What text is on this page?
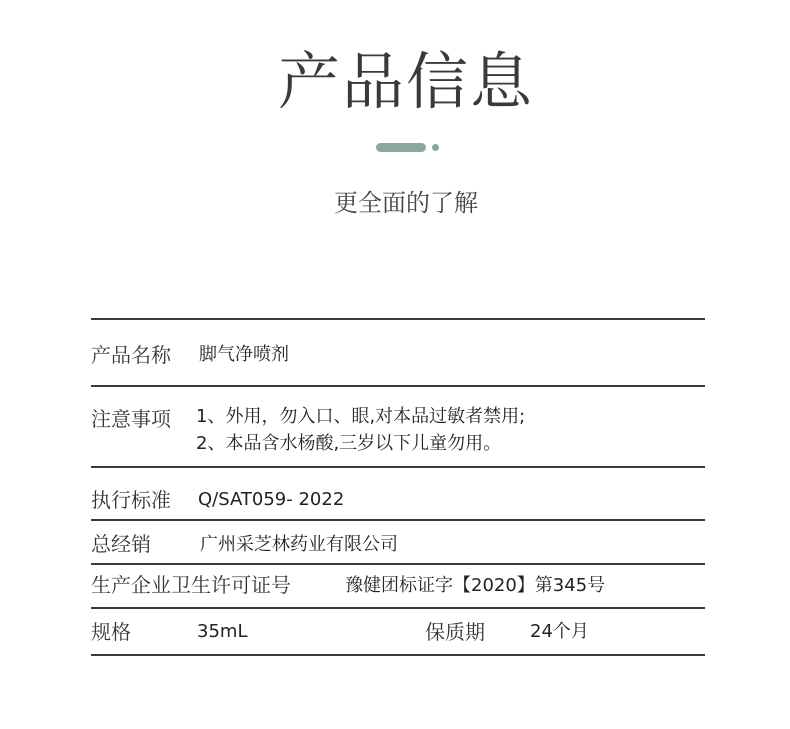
产品信息
更全面的了解
产品名称 脚气净喷剂
注意事项 1、外用，勿入口、眼,对本品过敏者禁用;
2、本品含水杨酸,三岁以下儿童勿用。
执行标准 Q/SAT059- 2022
总经销	广州采芝林药业有限公司
生产企业卫生许可证号	豫健团标证字【2020】第345号
规格	35mL	保质期	24个月
